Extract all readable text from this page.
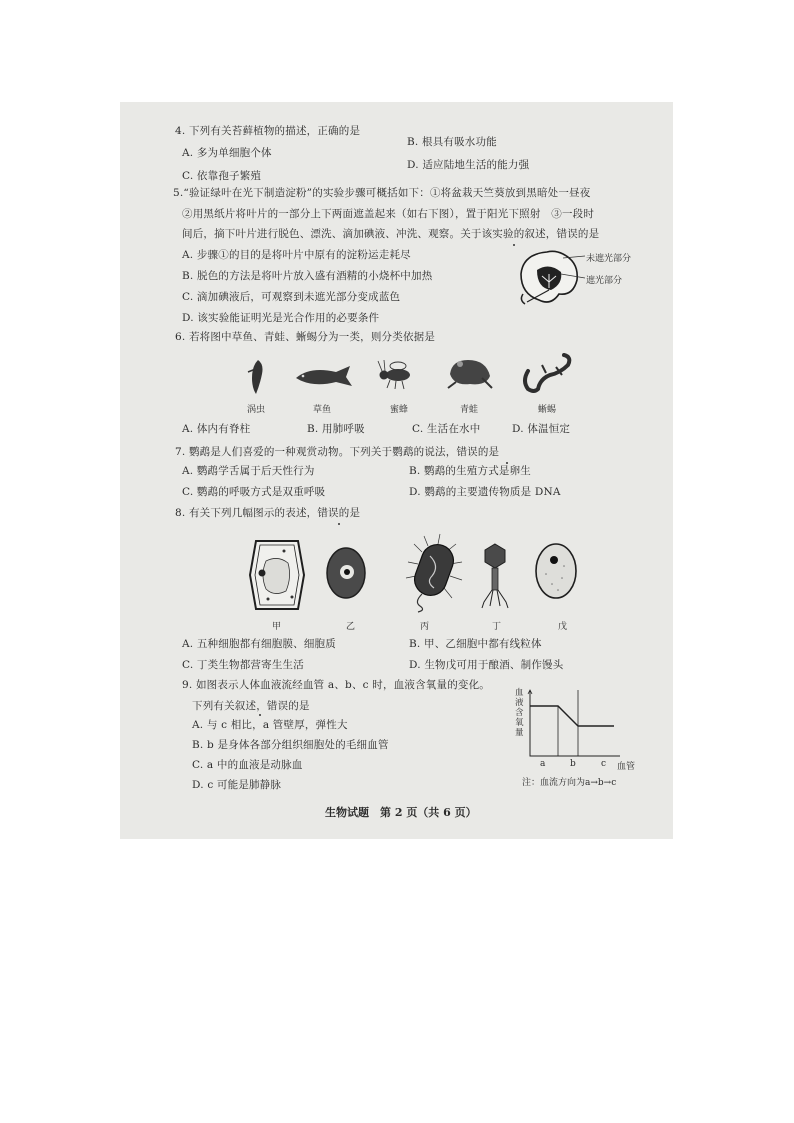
4. 下列有关苔藓植物的描述，正确的是
B. 根具有吸水功能
A. 多为单细胞个体
D. 适应陆地生活的能力强
C. 依靠孢子繁殖
5.“验证绿叶在光下制造淀粉”的实验步骤可概括如下：①将盆栽天竺葵放到黑暗处一昼夜
②用黑纸片将叶片的一部分上下两面遮盖起来（如右下图），置于阳光下照射　③一段时
间后，摘下叶片进行脱色、漂洗、滴加碘液、冲洗、观察。关于该实验的叙述，错误的是
A. 步骤①的目的是将叶片中原有的淀粉运走耗尽
B. 脱色的方法是将叶片放入盛有酒精的小烧杯中加热
C. 滴加碘液后，可观察到未遮光部分变成蓝色
D. 该实验能证明光是光合作用的必要条件
未遮光部分
遮光部分
6. 若将图中草鱼、青蛙、蜥蜴分为一类，则分类依据是
涡虫	草鱼	蜜蜂	青蛙	蜥蜴
A. 体内有脊柱	B. 用肺呼吸	C. 生活在水中	D. 体温恒定
7. 鹦鹉是人们喜爱的一种观赏动物。下列关于鹦鹉的说法，错误的是
A. 鹦鹉学舌属于后天性行为	B. 鹦鹉的生殖方式是卵生
C. 鹦鹉的呼吸方式是双重呼吸	D. 鹦鹉的主要遗传物质是 DNA
8. 有关下列几幅图示的表述，错误的是
甲	乙	丙	丁	戊
A. 五种细胞都有细胞膜、细胞质	B. 甲、乙细胞中都有线粒体
C. 丁类生物都营寄生生活	D. 生物戊可用于酿酒、制作馒头
9. 如图表示人体血液流经血管 a、b、c 时，血液含氧量的变化。
下列有关叙述，错误的是
A. 与 c 相比，a 管壁厚，弹性大
B. b 是身体各部分组织细胞处的毛细血管
C. a 中的血液是动脉血
D. c 可能是肺静脉
血液含氧量
a	b	c 血管
注：血流方向为a→b→c
生物试题　第 2 页（共 6 页）
